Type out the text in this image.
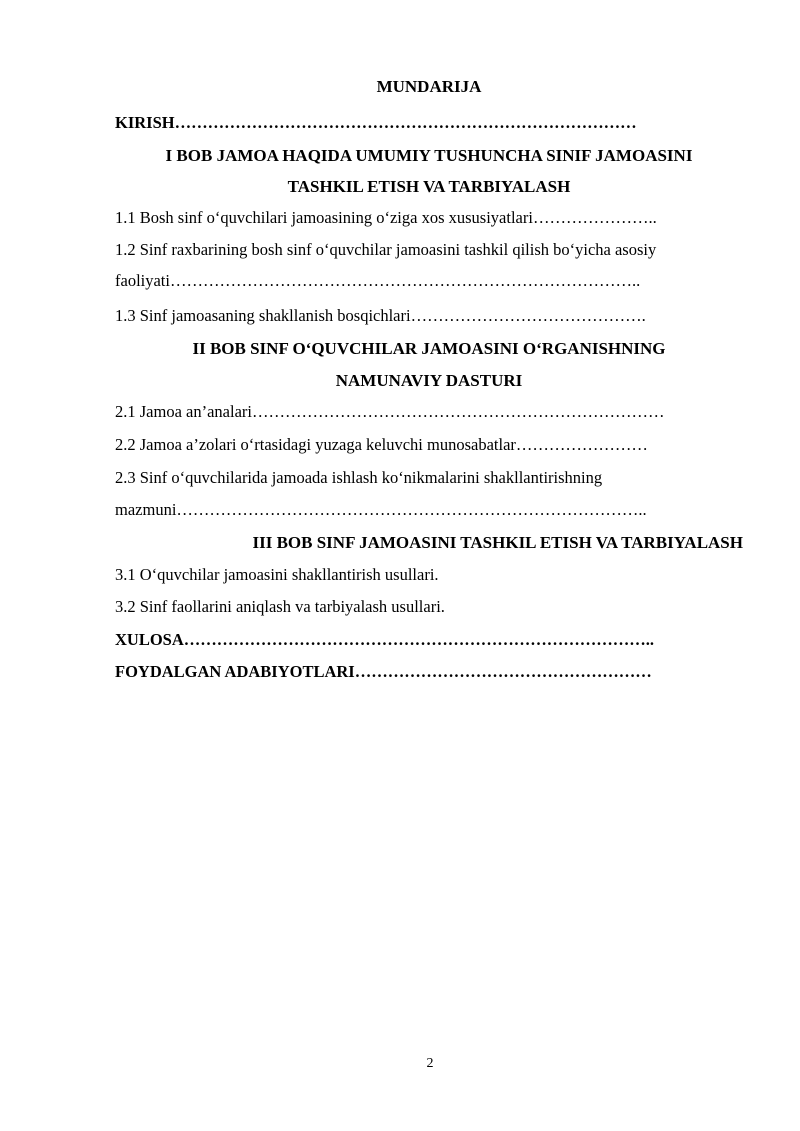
MUNDARIJA
KIRISH…………………………………………………………………………
I BOB JAMOA HAQIDA UMUMIY TUSHUNCHA SINIF JAMOASINI
TASHKIL ETISH VA TARBIYALASH
1.1 Bosh sinf o‘quvchilari jamoasining o‘ziga xos xususiyatlari…………………..
1.2 Sinf raxbarining bosh sinf o‘quvchilar jamoasini tashkil qilish bo‘yicha asosiy
faoliyati…………………………………………………………………………..
1.3 Sinf jamoasaning shakllanish bosqichlari…………………………………….
II BOB SINF O‘QUVCHILAR JAMOASINI O‘RGANISHNING
NAMUNAVIY DASTURI
2.1 Jamoa an’analari…………………………………………………………………
2.2 Jamoa a’zolari o‘rtasidagi yuzaga keluvchi munosabatlar……………………
2.3 Sinf o‘quvchilarida jamoada ishlash ko‘nikmalarini shakllantirishning
mazmuni…………………………………………………………………………..
III BOB SINF JAMOASINI TASHKIL ETISH VA TARBIYALASH
3.1 O‘quvchilar jamoasini shakllantirish usullari.
3.2 Sinf faollarini aniqlash va tarbiyalash usullari.
XULOSA…………………………………………………………………………..
FOYDALGAN ADABIYOTLARI………………………………………………
2
